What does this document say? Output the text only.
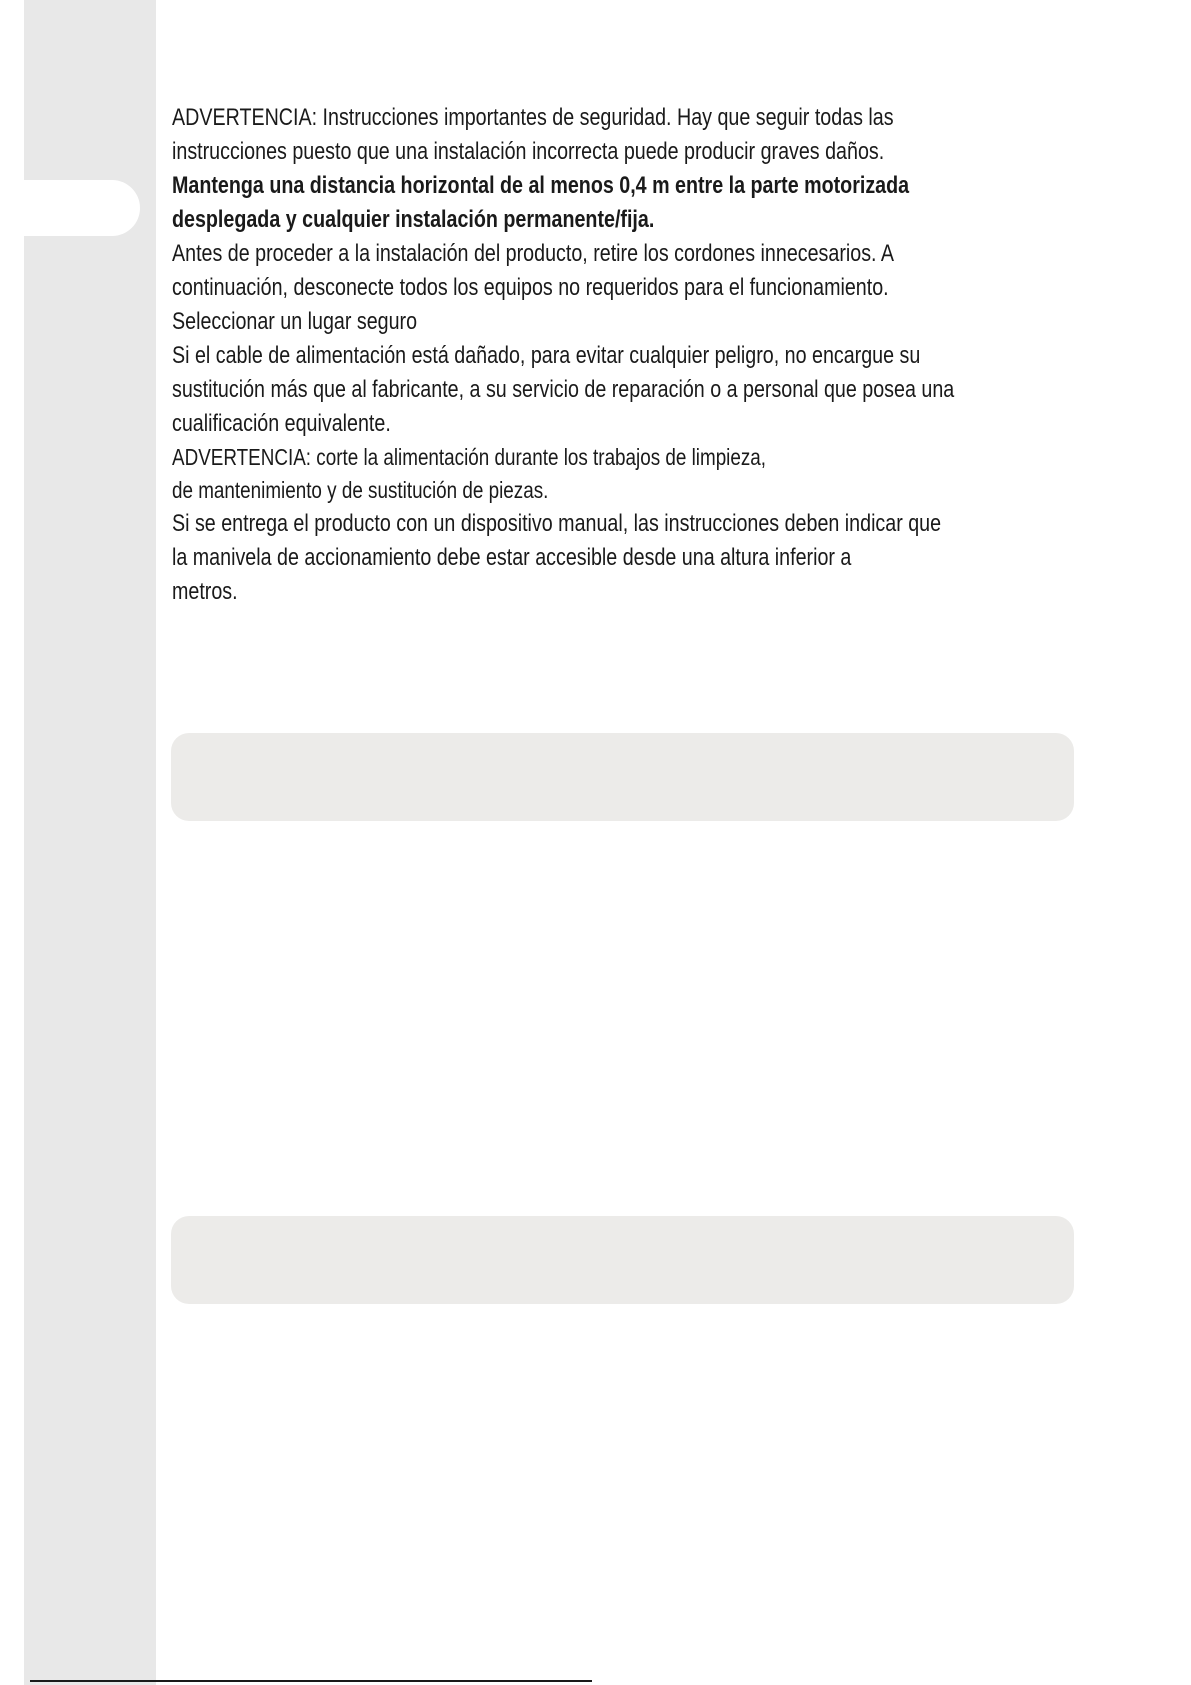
ADVERTENCIA: Instrucciones importantes de seguridad. Hay que seguir todas las

instrucciones puesto que una instalación incorrecta puede producir graves daños.

Mantenga una distancia horizontal de al menos 0,4 m entre la parte motorizada

desplegada y cualquier instalación permanente/fija.

Antes de proceder a la instalación del producto, retire los cordones innecesarios. A

continuación, desconecte todos los equipos no requeridos para el funcionamiento.

Seleccionar un lugar seguro

Si el cable de alimentación está dañado, para evitar cualquier peligro, no encargue su

sustitución más que al fabricante, a su servicio de reparación o a personal que posea una

cualificación equivalente.

ADVERTENCIA: corte la alimentación durante los trabajos de limpieza,

de mantenimiento y de sustitución de piezas.

Si se entrega el producto con un dispositivo manual, las instrucciones deben indicar que

la manivela de accionamiento debe estar accesible desde una altura inferior a

metros.
